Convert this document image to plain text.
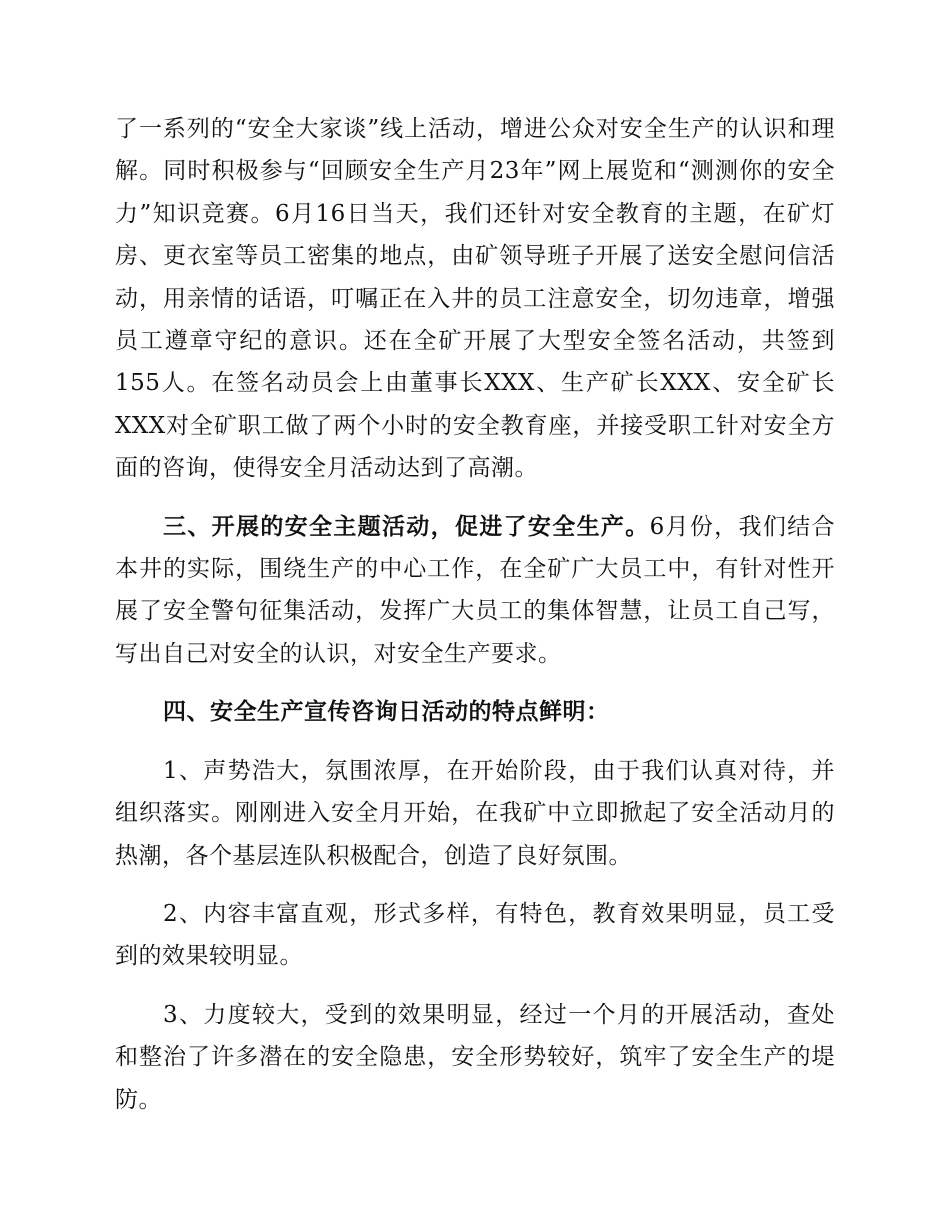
了一系列的“安全大家谈”线上活动，增进公众对安全生产的认识和理解。同时积极参与“回顾安全生产月23年”网上展览和“测测你的安全力”知识竞赛。6月16日当天，我们还针对安全教育的主题，在矿灯房、更衣室等员工密集的地点，由矿领导班子开展了送安全慰问信活动，用亲情的话语，叮嘱正在入井的员工注意安全，切勿违章，增强员工遵章守纪的意识。还在全矿开展了大型安全签名活动，共签到155人。在签名动员会上由董事长XXX、生产矿长XXX、安全矿长XXX对全矿职工做了两个小时的安全教育座，并接受职工针对安全方面的咨询，使得安全月活动达到了高潮。

三、开展的安全主题活动，促进了安全生产。6月份，我们结合本井的实际，围绕生产的中心工作，在全矿广大员工中，有针对性开展了安全警句征集活动，发挥广大员工的集体智慧，让员工自己写，写出自己对安全的认识，对安全生产要求。

四、安全生产宣传咨询日活动的特点鲜明：

1、声势浩大，氛围浓厚，在开始阶段，由于我们认真对待，并组织落实。刚刚进入安全月开始，在我矿中立即掀起了安全活动月的热潮，各个基层连队积极配合，创造了良好氛围。

2、内容丰富直观，形式多样，有特色，教育效果明显，员工受到的效果较明显。

3、力度较大，受到的效果明显，经过一个月的开展活动，查处和整治了许多潜在的安全隐患，安全形势较好，筑牢了安全生产的堤防。
